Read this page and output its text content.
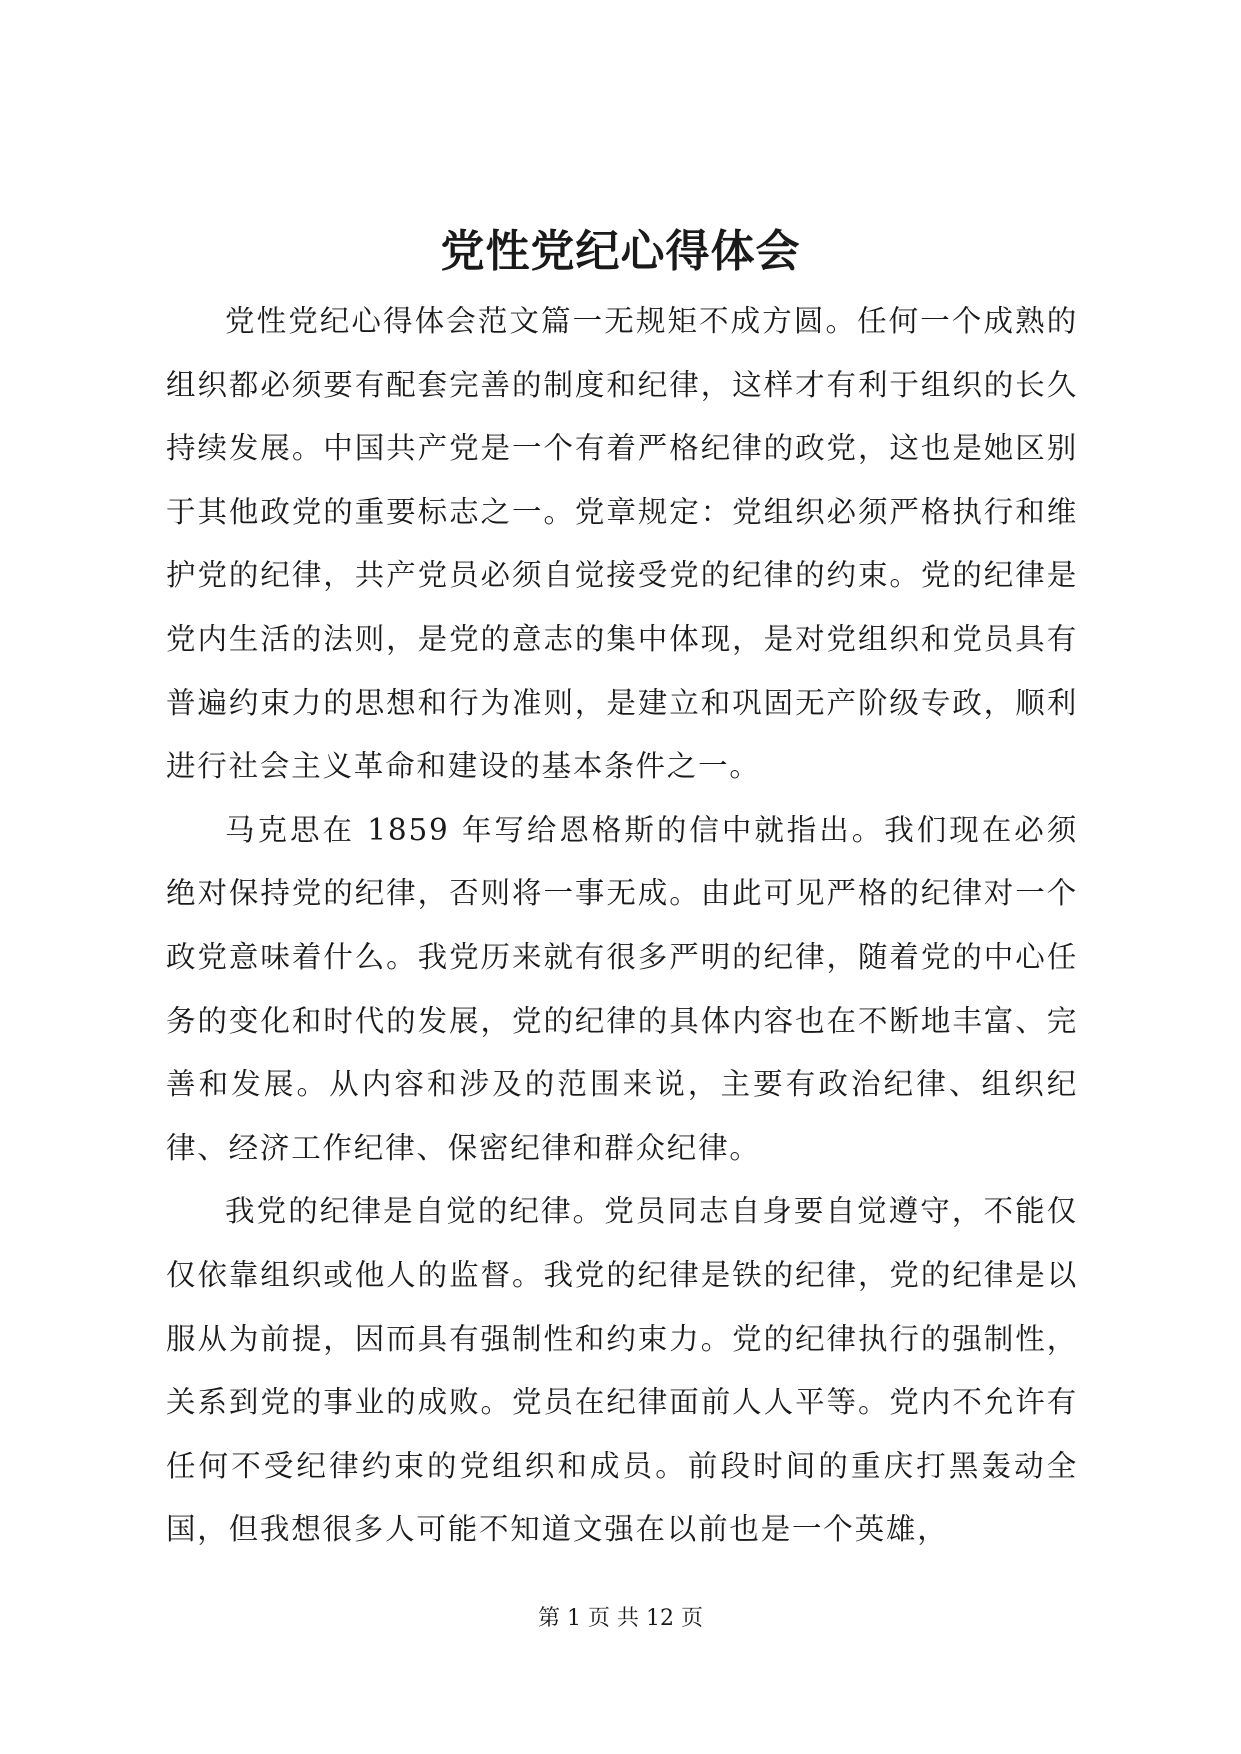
党性党纪心得体会

党性党纪心得体会范文篇一无规矩不成方圆。任何一个成熟的组织都必须要有配套完善的制度和纪律，这样才有利于组织的长久持续发展。中国共产党是一个有着严格纪律的政党，这也是她区别于其他政党的重要标志之一。党章规定：党组织必须严格执行和维护党的纪律，共产党员必须自觉接受党的纪律的约束。党的纪律是党内生活的法则，是党的意志的集中体现，是对党组织和党员具有普遍约束力的思想和行为准则，是建立和巩固无产阶级专政，顺利进行社会主义革命和建设的基本条件之一。

马克思在 1859 年写给恩格斯的信中就指出。我们现在必须绝对保持党的纪律，否则将一事无成。由此可见严格的纪律对一个政党意味着什么。我党历来就有很多严明的纪律，随着党的中心任务的变化和时代的发展，党的纪律的具体内容也在不断地丰富、完善和发展。从内容和涉及的范围来说，主要有政治纪律、组织纪律、经济工作纪律、保密纪律和群众纪律。

我党的纪律是自觉的纪律。党员同志自身要自觉遵守，不能仅仅依靠组织或他人的监督。我党的纪律是铁的纪律，党的纪律是以服从为前提，因而具有强制性和约束力。党的纪律执行的强制性，关系到党的事业的成败。党员在纪律面前人人平等。党内不允许有任何不受纪律约束的党组织和成员。前段时间的重庆打黑轰动全国，但我想很多人可能不知道文强在以前也是一个英雄，

第 1 页 共 12 页
